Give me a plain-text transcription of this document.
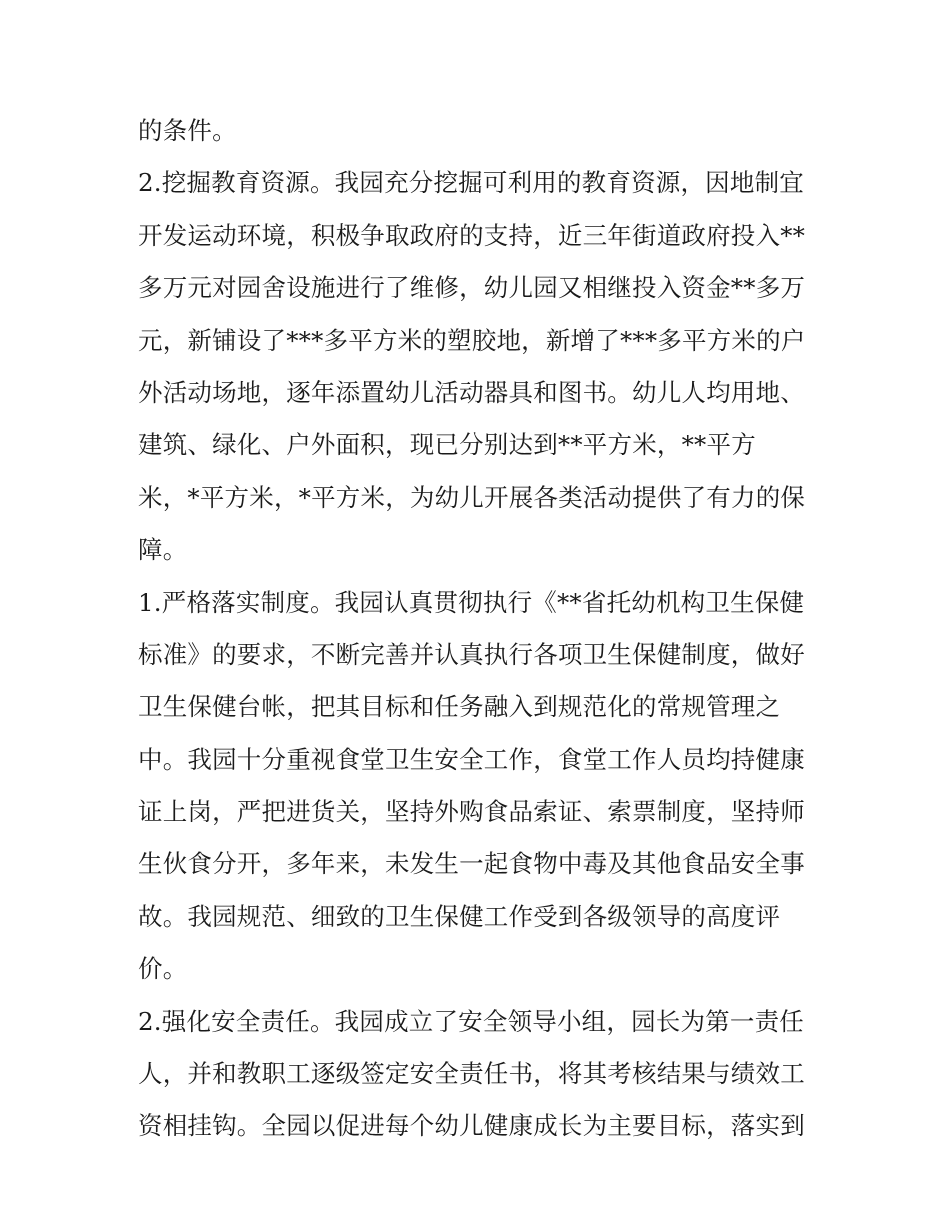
的条件。
2.挖掘教育资源。我园充分挖掘可利用的教育资源，因地制宜
开发运动环境，积极争取政府的支持，近三年街道政府投入**
多万元对园舍设施进行了维修，幼儿园又相继投入资金**多万
元，新铺设了***多平方米的塑胶地，新增了***多平方米的户
外活动场地，逐年添置幼儿活动器具和图书。幼儿人均用地、
建筑、绿化、户外面积，现已分别达到**平方米，**平方
米，*平方米，*平方米，为幼儿开展各类活动提供了有力的保
障。
1.严格落实制度。我园认真贯彻执行《**省托幼机构卫生保健
标准》的要求，不断完善并认真执行各项卫生保健制度，做好
卫生保健台帐，把其目标和任务融入到规范化的常规管理之
中。我园十分重视食堂卫生安全工作，食堂工作人员均持健康
证上岗，严把进货关，坚持外购食品索证、索票制度，坚持师
生伙食分开，多年来，未发生一起食物中毒及其他食品安全事
故。我园规范、细致的卫生保健工作受到各级领导的高度评
价。
2.强化安全责任。我园成立了安全领导小组，园长为第一责任
人，并和教职工逐级签定安全责任书，将其考核结果与绩效工
资相挂钩。全园以促进每个幼儿健康成长为主要目标，落实到
